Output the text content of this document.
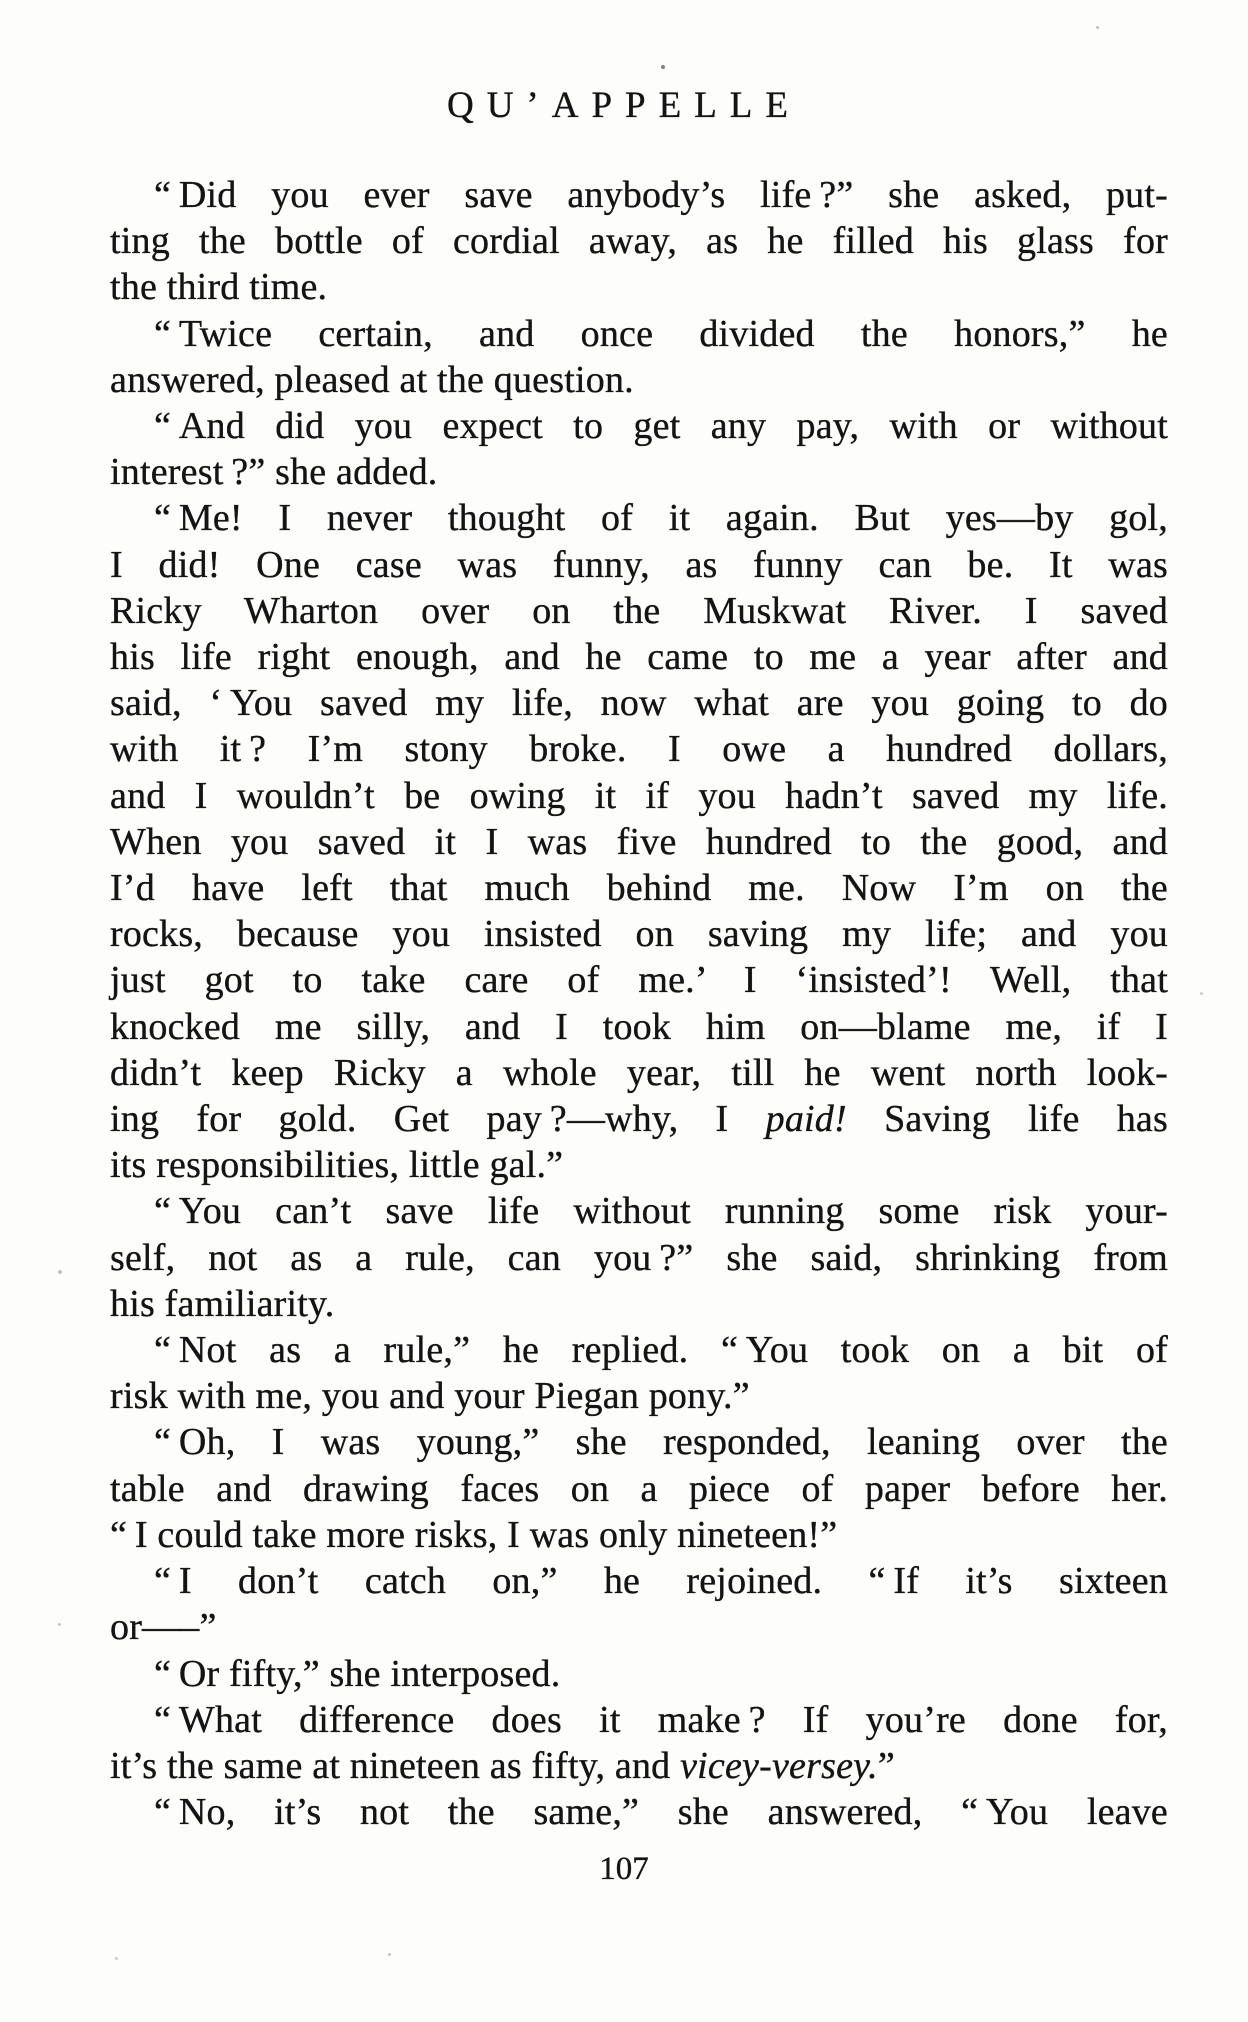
QU’APPELLE

“ Did you ever save anybody’s life ?” she asked, put-
ting the bottle of cordial away, as he filled his glass for
the third time.

“ Twice certain, and once divided the honors,” he
answered, pleased at the question.

“ And did you expect to get any pay, with or without
interest ?” she added.

“ Me! I never thought of it again. But yes—by gol,
I did! One case was funny, as funny can be. It was
Ricky Wharton over on the Muskwat River. I saved
his life right enough, and he came to me a year after and
said, ‘ You saved my life, now what are you going to do
with it ? I’m stony broke. I owe a hundred dollars,
and I wouldn’t be owing it if you hadn’t saved my life.
When you saved it I was five hundred to the good, and
I’d have left that much behind me. Now I’m on the
rocks, because you insisted on saving my life; and you
just got to take care of me.’ I ‘insisted’! Well, that
knocked me silly, and I took him on—blame me, if I
didn’t keep Ricky a whole year, till he went north look-
ing for gold. Get pay ?—why, I paid! Saving life has
its responsibilities, little gal.”

“ You can’t save life without running some risk your-
self, not as a rule, can you ?” she said, shrinking from
his familiarity.

“ Not as a rule,” he replied. “ You took on a bit of
risk with me, you and your Piegan pony.”

“ Oh, I was young,” she responded, leaning over the
table and drawing faces on a piece of paper before her.
“ I could take more risks, I was only nineteen!”

“ I don’t catch on,” he rejoined. “ If it’s sixteen
or—–”

“ Or fifty,” she interposed.

“ What difference does it make ? If you’re done for,
it’s the same at nineteen as fifty, and vicey-versey.”

“ No, it’s not the same,” she answered, “ You leave

107
